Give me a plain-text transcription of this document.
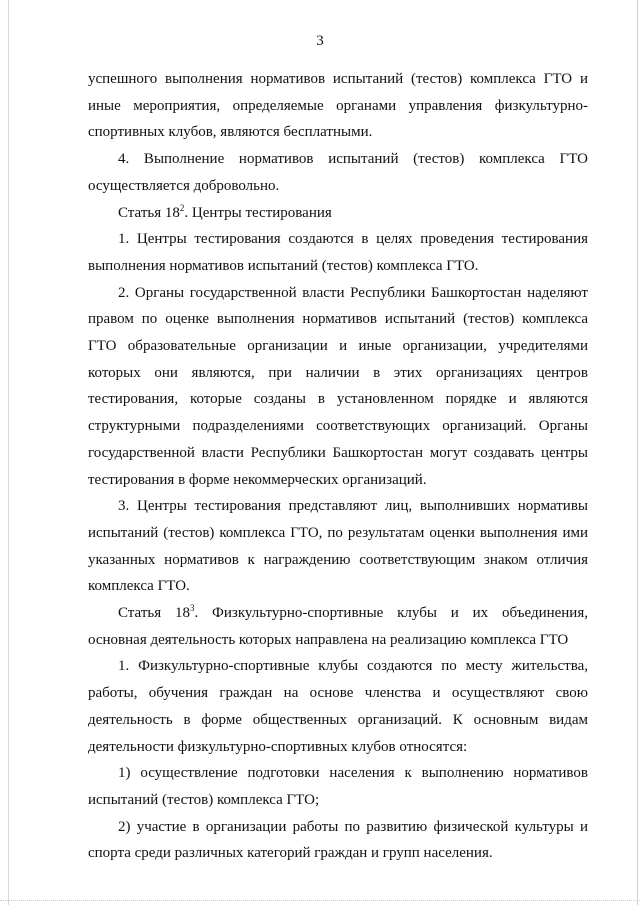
3

успешного выполнения нормативов испытаний (тестов) комплекса ГТО и иные мероприятия, определяемые органами управления физкультурно-спортивных клубов, являются бесплатными.

4. Выполнение нормативов испытаний (тестов) комплекса ГТО осуществляется добровольно.

Статья $18^2$. Центры тестирования

1. Центры тестирования создаются в целях проведения тестирования выполнения нормативов испытаний (тестов) комплекса ГТО.

2. Органы государственной власти Республики Башкортостан наделяют правом по оценке выполнения нормативов испытаний (тестов) комплекса ГТО образовательные организации и иные организации, учредителями которых они являются, при наличии в этих организациях центров тестирования, которые созданы в установленном порядке и являются структурными подразделениями соответствующих организаций. Органы государственной власти Республики Башкортостан могут создавать центры тестирования в форме некоммерческих организаций.

3. Центры тестирования представляют лиц, выполнивших нормативы испытаний (тестов) комплекса ГТО, по результатам оценки выполнения ими указанных нормативов к награждению соответствующим знаком отличия комплекса ГТО.

Статья $18^3$. Физкультурно-спортивные клубы и их объединения, основная деятельность которых направлена на реализацию комплекса ГТО

1. Физкультурно-спортивные клубы создаются по месту жительства, работы, обучения граждан на основе членства и осуществляют свою деятельность в форме общественных организаций. К основным видам деятельности физкультурно-спортивных клубов относятся:

1) осуществление подготовки населения к выполнению нормативов испытаний (тестов) комплекса ГТО;

2) участие в организации работы по развитию физической культуры и спорта среди различных категорий граждан и групп населения.
